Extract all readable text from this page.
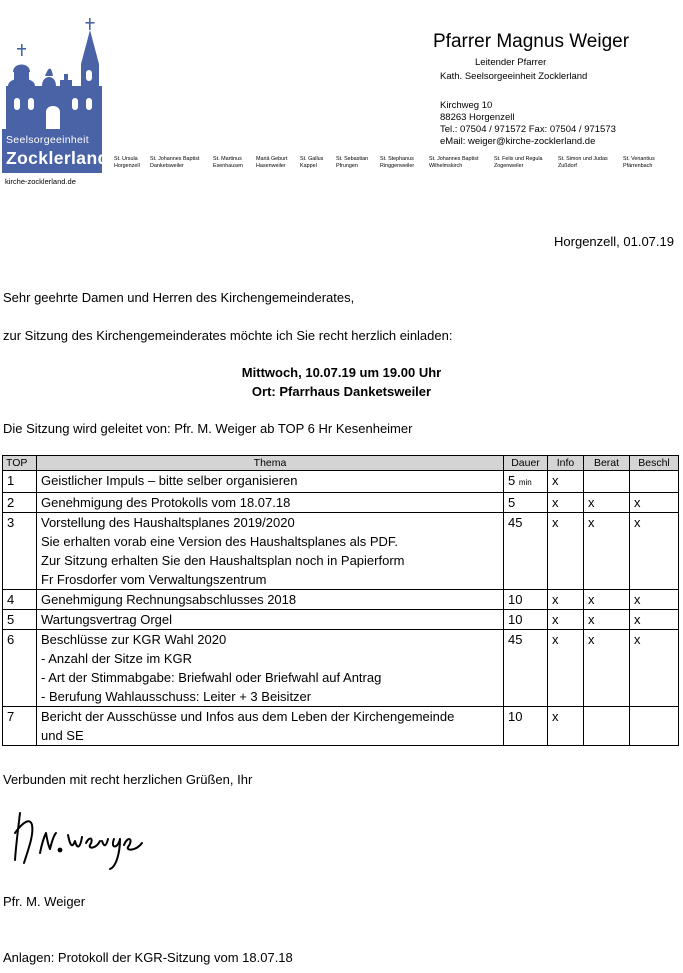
Seelsorgeeinheit
Zocklerland
kirche-zocklerland.de
St. Ursula
Horgenzell
St. Johannes Baptist
Danketsweiler
St. Martinus
Esenhausen
Mariä Geburt
Hasenweiler
St. Gallus
Kappel
St. Sebastian
Pfrungen
St. Stephanus
Ringgenweiler
St. Johannes Baptist
Wilhelmskirch
St. Felix und Regula
Zogenweiler
St. Simon und Judas
Zußdorf
St. Venantius
Pfärrenbach
Pfarrer Magnus Weiger
Leitender Pfarrer
Kath. Seelsorgeeinheit Zocklerland
Kirchweg 10
88263 Horgenzell
Tel.: 07504 / 971572 Fax: 07504 / 971573
eMail: weiger@kirche-zocklerland.de
Horgenzell, 01.07.19
Sehr geehrte Damen und Herren des Kirchengemeinderates,
zur Sitzung des Kirchengemeinderates möchte ich Sie recht herzlich einladen:
Mittwoch, 10.07.19 um 19.00 Uhr
Ort: Pfarrhaus Danketsweiler
Die Sitzung wird geleitet von: Pfr. M. Weiger ab TOP 6 Hr Kesenheimer
TOP	Thema	Dauer	Info	Berat	Beschl
1	Geistlicher Impuls – bitte selber organisieren	5 min	x		
2	Genehmigung des Protokolls vom 18.07.18	5	x	x	x
3	Vorstellung des Haushaltsplanes 2019/2020
Sie erhalten vorab eine Version des Haushaltsplanes als PDF.
Zur Sitzung erhalten Sie den Haushaltsplan noch in Papierform
Fr Frosdorfer vom Verwaltungszentrum	45	x	x	x
4	Genehmigung Rechnungsabschlusses 2018	10	x	x	x
5	Wartungsvertrag Orgel	10	x	x	x
6	Beschlüsse zur KGR Wahl 2020
- Anzahl der Sitze im KGR
- Art der Stimmabgabe: Briefwahl oder Briefwahl auf Antrag
- Berufung Wahlausschuss: Leiter + 3 Beisitzer	45	x	x	x
7	Bericht der Ausschüsse und Infos aus dem Leben der Kirchengemeinde
und SE	10	x		
Verbunden mit recht herzlichen Grüßen, Ihr
Pfr. M. Weiger
Anlagen: Protokoll der KGR-Sitzung vom 18.07.18
